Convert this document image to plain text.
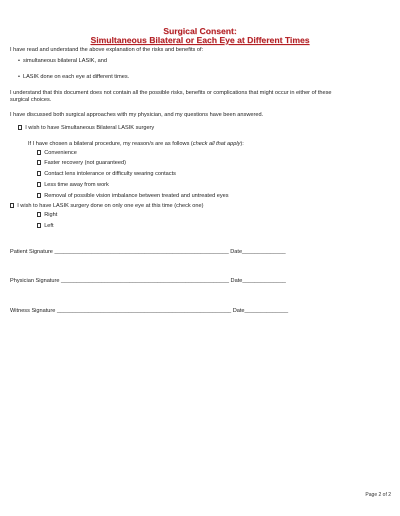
Surgical Consent:
Simultaneous Bilateral or Each Eye at Different Times
I have read and understand the above explanation of the risks and benefits of:
• simultaneous bilateral LASIK, and
• LASIK done on each eye at different times.
I understand that this document does not contain all the possible risks, benefits or complications that might occur in either of these
surgical choices.
I have discussed both surgical approaches with my physician, and my questions have been answered.
I wish to have Simultaneous Bilateral LASIK surgery
If I have chosen a bilateral procedure, my reason/s are as follows (check all that apply):
Convenience
Faster recovery (not guaranteed)
Contact lens intolerance or difficulty wearing contacts
Less time away from work
Removal of possible vision imbalance between treated and untreated eyes
I wish to have LASIK surgery done on only one eye at this time (check one)
Right
Left
Patient Signature ________________________________________________________ Date______________
Physician Signature ______________________________________________________ Date______________
Witness Signature ________________________________________________________ Date______________
Page 2 of 2
